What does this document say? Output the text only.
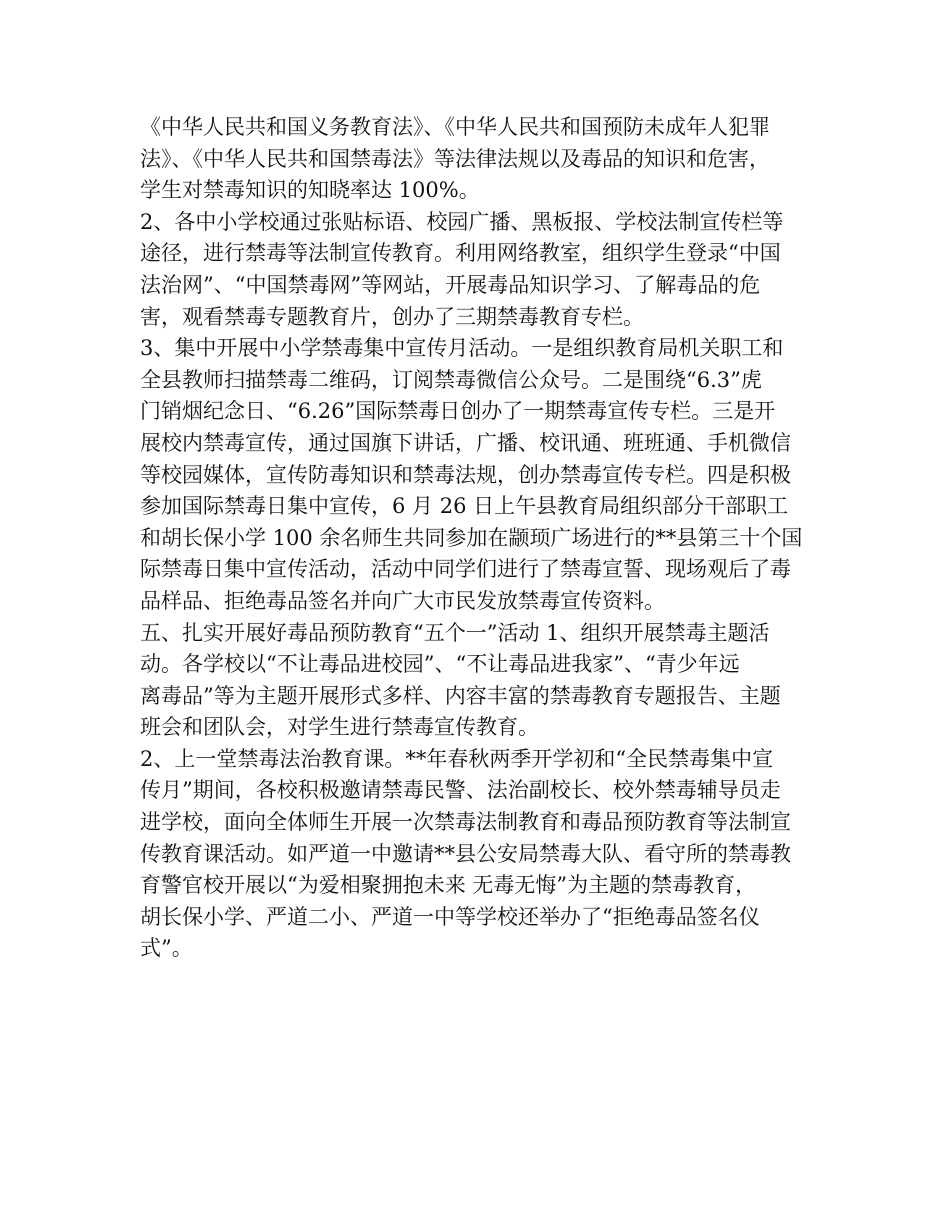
《中华人民共和国义务教育法》、《中华人民共和国预防未成年人犯罪
法》、《中华人民共和国禁毒法》等法律法规以及毒品的知识和危害，
学生对禁毒知识的知晓率达 100%。
2、各中小学校通过张贴标语、校园广播、黑板报、学校法制宣传栏等
途径，进行禁毒等法制宣传教育。利用网络教室，组织学生登录“中国
法治网”、“中国禁毒网”等网站，开展毒品知识学习、了解毒品的危
害，观看禁毒专题教育片，创办了三期禁毒教育专栏。
3、集中开展中小学禁毒集中宣传月活动。一是组织教育局机关职工和
全县教师扫描禁毒二维码，订阅禁毒微信公众号。二是围绕“6.3”虎
门销烟纪念日、“6.26”国际禁毒日创办了一期禁毒宣传专栏。三是开
展校内禁毒宣传，通过国旗下讲话，广播、校讯通、班班通、手机微信
等校园媒体，宣传防毒知识和禁毒法规，创办禁毒宣传专栏。四是积极
参加国际禁毒日集中宣传，6 月 26 日上午县教育局组织部分干部职工
和胡长保小学 100 余名师生共同参加在颛顼广场进行的**县第三十个国
际禁毒日集中宣传活动，活动中同学们进行了禁毒宣誓、现场观后了毒
品样品、拒绝毒品签名并向广大市民发放禁毒宣传资料。
五、扎实开展好毒品预防教育“五个一”活动 1、组织开展禁毒主题活
动。各学校以“不让毒品进校园”、“不让毒品进我家”、“青少年远
离毒品”等为主题开展形式多样、内容丰富的禁毒教育专题报告、主题
班会和团队会，对学生进行禁毒宣传教育。
2、上一堂禁毒法治教育课。**年春秋两季开学初和“全民禁毒集中宣
传月”期间，各校积极邀请禁毒民警、法治副校长、校外禁毒辅导员走
进学校，面向全体师生开展一次禁毒法制教育和毒品预防教育等法制宣
传教育课活动。如严道一中邀请**县公安局禁毒大队、看守所的禁毒教
育警官校开展以“为爱相聚拥抱未来 无毒无悔”为主题的禁毒教育，
胡长保小学、严道二小、严道一中等学校还举办了“拒绝毒品签名仪
式”。
